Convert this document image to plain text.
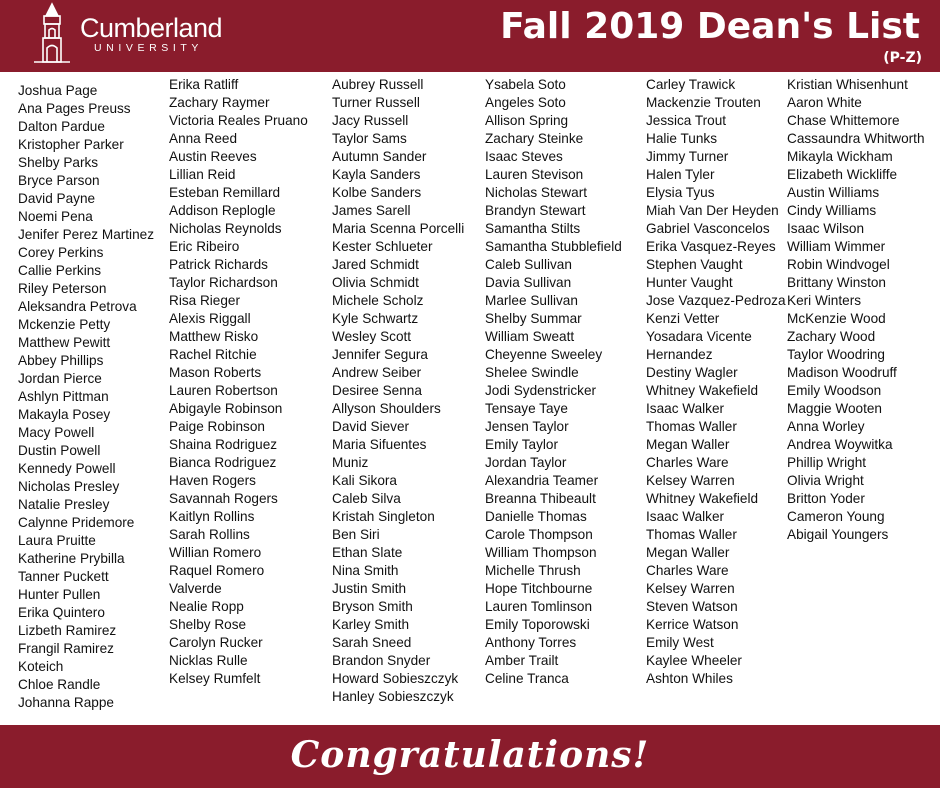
Cumberland
UNIVERSITY
Fall 2019 Dean's List
(P-Z)
Joshua Page
Ana Pages Preuss
Dalton Pardue
Kristopher Parker
Shelby Parks
Bryce Parson
David Payne
Noemi Pena
Jenifer Perez Martinez
Corey Perkins
Callie Perkins
Riley Peterson
Aleksandra Petrova
Mckenzie Petty
Matthew Pewitt
Abbey Phillips
Jordan Pierce
Ashlyn Pittman
Makayla Posey
Macy Powell
Dustin Powell
Kennedy Powell
Nicholas Presley
Natalie Presley
Calynne Pridemore
Laura Pruitte
Katherine Prybilla
Tanner Puckett
Hunter Pullen
Erika Quintero
Lizbeth Ramirez
Frangil Ramirez
Koteich
Chloe Randle
Johanna Rappe
Erika Ratliff
Zachary Raymer
Victoria Reales Pruano
Anna Reed
Austin Reeves
Lillian Reid
Esteban Remillard
Addison Replogle
Nicholas Reynolds
Eric Ribeiro
Patrick Richards
Taylor Richardson
Risa Rieger
Alexis Riggall
Matthew Risko
Rachel Ritchie
Mason Roberts
Lauren Robertson
Abigayle Robinson
Paige Robinson
Shaina Rodriguez
Bianca Rodriguez
Haven Rogers
Savannah Rogers
Kaitlyn Rollins
Sarah Rollins
Willian Romero
Raquel Romero
Valverde
Nealie Ropp
Shelby Rose
Carolyn Rucker
Nicklas Rulle
Kelsey Rumfelt
Aubrey Russell
Turner Russell
Jacy Russell
Taylor Sams
Autumn Sander
Kayla Sanders
Kolbe Sanders
James Sarell
Maria Scenna Porcelli
Kester Schlueter
Jared Schmidt
Olivia Schmidt
Michele Scholz
Kyle Schwartz
Wesley Scott
Jennifer Segura
Andrew Seiber
Desiree Senna
Allyson Shoulders
David Siever
Maria Sifuentes
Muniz
Kali Sikora
Caleb Silva
Kristah Singleton
Ben Siri
Ethan Slate
Nina Smith
Justin Smith
Bryson Smith
Karley Smith
Sarah Sneed
Brandon Snyder
Howard Sobieszczyk
Hanley Sobieszczyk
Ysabela Soto
Angeles Soto
Allison Spring
Zachary Steinke
Isaac Steves
Lauren Stevison
Nicholas Stewart
Brandyn Stewart
Samantha Stilts
Samantha Stubblefield
Caleb Sullivan
Davia Sullivan
Marlee Sullivan
Shelby Summar
William Sweatt
Cheyenne Sweeley
Shelee Swindle
Jodi Sydenstricker
Tensaye Taye
Jensen Taylor
Emily Taylor
Jordan Taylor
Alexandria Teamer
Breanna Thibeault
Danielle Thomas
Carole Thompson
William Thompson
Michelle Thrush
Hope Titchbourne
Lauren Tomlinson
Emily Toporowski
Anthony Torres
Amber Trailt
Celine Tranca
Carley Trawick
Mackenzie Trouten
Jessica Trout
Halie Tunks
Jimmy Turner
Halen Tyler
Elysia Tyus
Miah Van Der Heyden
Gabriel Vasconcelos
Erika Vasquez-Reyes
Stephen Vaught
Hunter Vaught
Jose Vazquez-Pedroza
Kenzi Vetter
Yosadara Vicente
Hernandez
Destiny Wagler
Whitney Wakefield
Isaac Walker
Thomas Waller
Megan Waller
Charles Ware
Kelsey Warren
Whitney Wakefield
Isaac Walker
Thomas Waller
Megan Waller
Charles Ware
Kelsey Warren
Steven Watson
Kerrice Watson
Emily West
Kaylee Wheeler
Ashton Whiles
Kristian Whisenhunt
Aaron White
Chase Whittemore
Cassaundra Whitworth
Mikayla Wickham
Elizabeth Wickliffe
Austin Williams
Cindy Williams
Isaac Wilson
William Wimmer
Robin Windvogel
Brittany Winston
Keri Winters
McKenzie Wood
Zachary Wood
Taylor Woodring
Madison Woodruff
Emily Woodson
Maggie Wooten
Anna Worley
Andrea Woywitka
Phillip Wright
Olivia Wright
Britton Yoder
Cameron Young
Abigail Youngers
Congratulations!
